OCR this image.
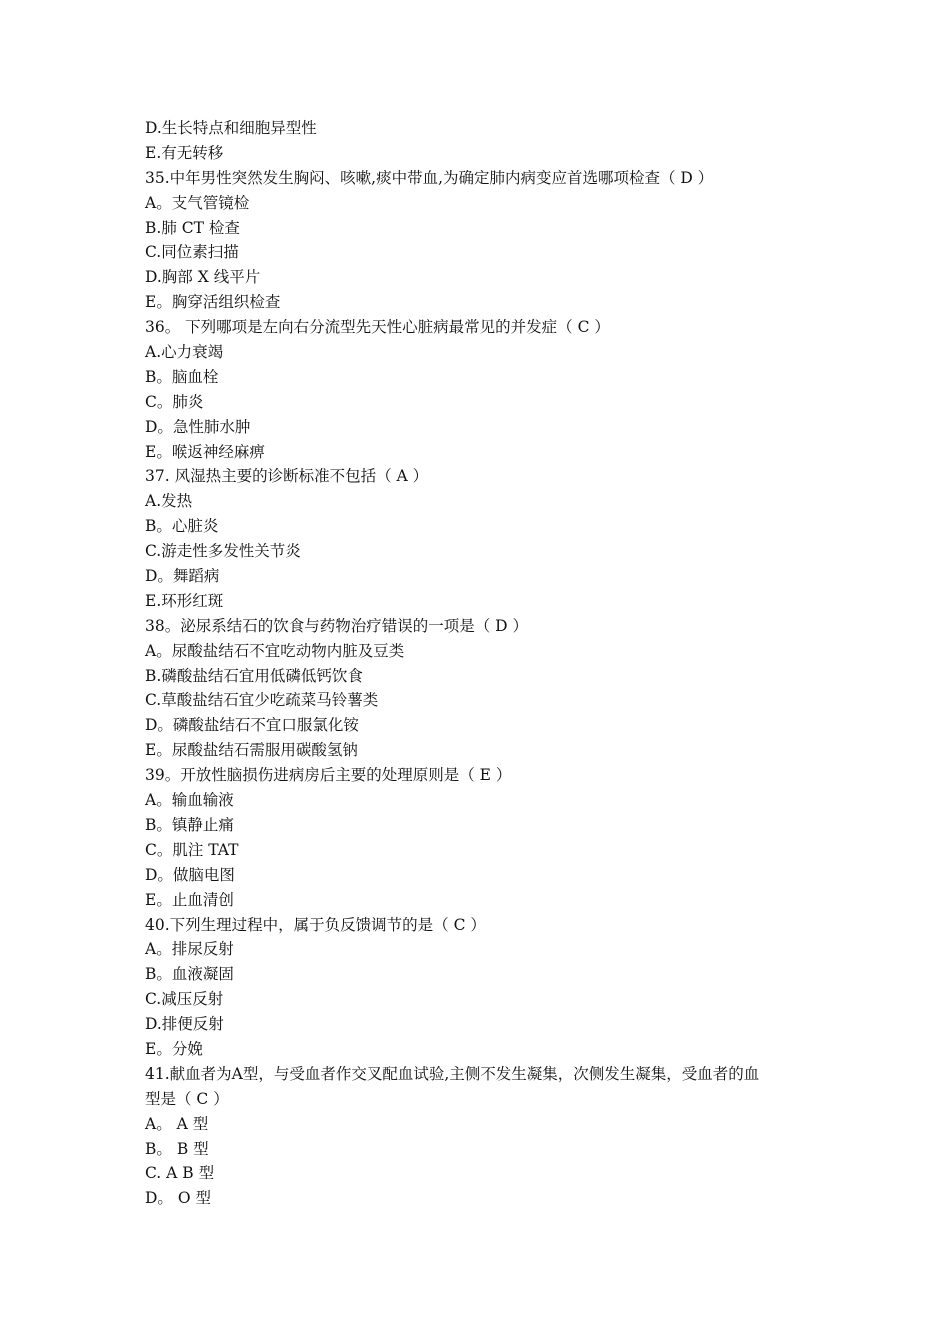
D.生长特点和细胞异型性
E.有无转移
35.中年男性突然发生胸闷、咳嗽,痰中带血,为确定肺内病变应首选哪项检查（ D ）
A。支气管镜检
B.肺 CT 检查
C.同位素扫描
D.胸部 X 线平片
E。胸穿活组织检查
36。 下列哪项是左向右分流型先天性心脏病最常见的并发症（ C ）
A.心力衰竭
B。脑血栓
C。肺炎
D。急性肺水肿
E。喉返神经麻痹
37. 风湿热主要的诊断标准不包括（ A ）
A.发热
B。心脏炎
C.游走性多发性关节炎
D。舞蹈病
E.环形红斑
38。泌尿系结石的饮食与药物治疗错误的一项是（ D ）
A。尿酸盐结石不宜吃动物内脏及豆类
B.磷酸盐结石宜用低磷低钙饮食
C.草酸盐结石宜少吃疏菜马铃薯类
D。磷酸盐结石不宜口服氯化铵
E。尿酸盐结石需服用碳酸氢钠
39。开放性脑损伤进病房后主要的处理原则是（ E ）
A。输血输液
B。镇静止痛
C。肌注 TAT
D。做脑电图
E。止血清创
40.下列生理过程中，属于负反馈调节的是（ C ）
A。排尿反射
B。血液凝固
C.减压反射
D.排便反射
E。分娩
41.献血者为A型，与受血者作交叉配血试验,主侧不发生凝集，次侧发生凝集，受血者的血
型是（ C ）
A。 A 型
B。 B 型
C. A B 型
D。 O 型
